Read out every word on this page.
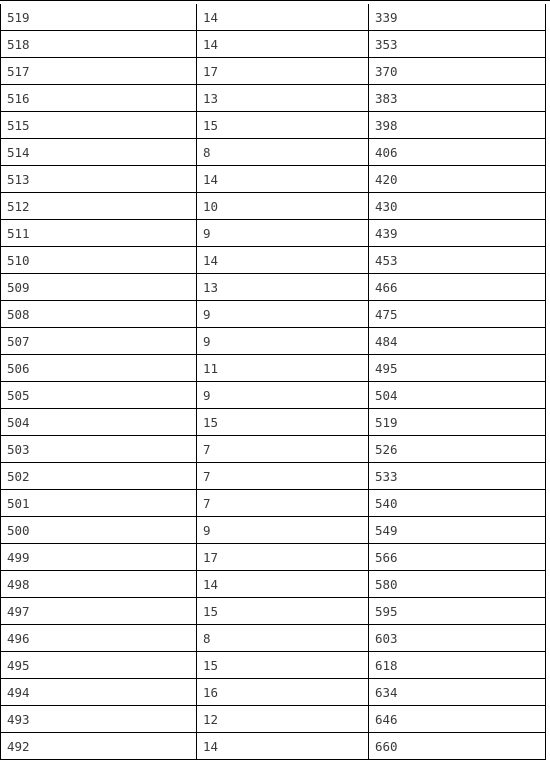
519	14	339
518	14	353
517	17	370
516	13	383
515	15	398
514	8	406
513	14	420
512	10	430
511	9	439
510	14	453
509	13	466
508	9	475
507	9	484
506	11	495
505	9	504
504	15	519
503	7	526
502	7	533
501	7	540
500	9	549
499	17	566
498	14	580
497	15	595
496	8	603
495	15	618
494	16	634
493	12	646
492	14	660
